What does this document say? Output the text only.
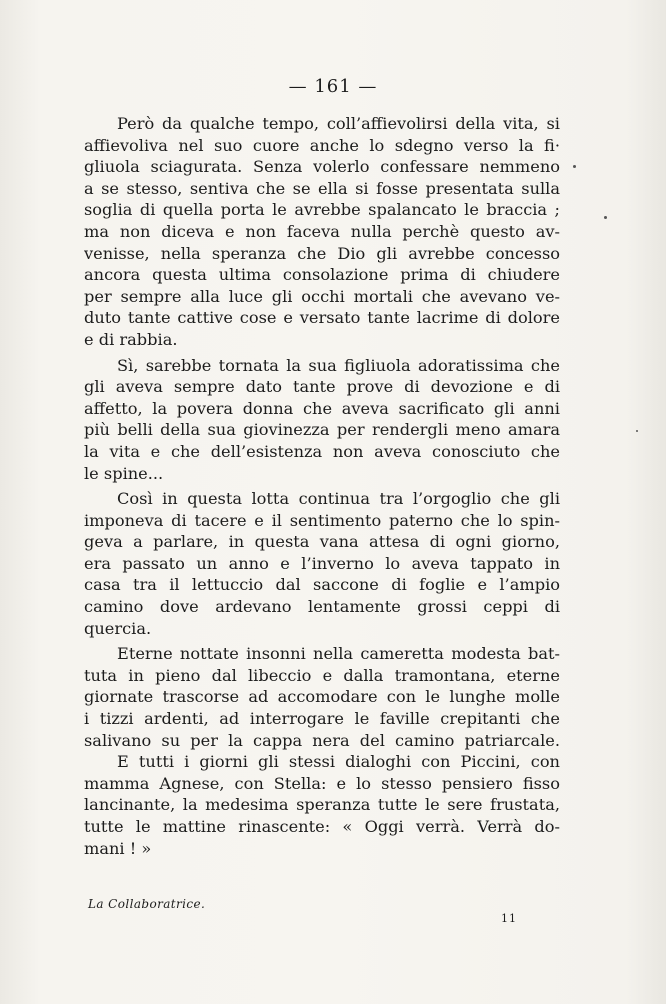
— 161 —
Però da qualche tempo, coll’affievolirsi della vita, si
affievoliva nel suo cuore anche lo sdegno verso la fi·
gliuola sciagurata. Senza volerlo confessare nemmeno
a se stesso, sentiva che se ella si fosse presentata sulla
soglia di quella porta le avrebbe spalancato le braccia ;
ma non diceva e non faceva nulla perchè questo av-
venisse, nella speranza che Dio gli avrebbe concesso
ancora questa ultima consolazione prima di chiudere
per sempre alla luce gli occhi mortali che avevano ve-
duto tante cattive cose e versato tante lacrime di dolore
e di rabbia.
Sì, sarebbe tornata la sua figliuola adoratissima che
gli aveva sempre dato tante prove di devozione e di
affetto, la povera donna che aveva sacrificato gli anni
più belli della sua giovinezza per rendergli meno amara
la vita e che dell’esistenza non aveva conosciuto che
le spine...
Così in questa lotta continua tra l’orgoglio che gli
imponeva di tacere e il sentimento paterno che lo spin-
geva a parlare, in questa vana attesa di ogni giorno,
era passato un anno e l’inverno lo aveva tappato in
casa tra il lettuccio dal saccone di foglie e l’ampio
camino dove ardevano lentamente grossi ceppi di
quercia.
Eterne nottate insonni nella cameretta modesta bat-
tuta in pieno dal libeccio e dalla tramontana, eterne
giornate trascorse ad accomodare con le lunghe molle
i tizzi ardenti, ad interrogare le faville crepitanti che
salivano su per la cappa nera del camino patriarcale.
E tutti i giorni gli stessi dialoghi con Piccini, con
mamma Agnese, con Stella: e lo stesso pensiero fisso
lancinante, la medesima speranza tutte le sere frustata,
tutte le mattine rinascente: « Oggi verrà. Verrà do-
mani ! »
La Collaboratrice.
11
